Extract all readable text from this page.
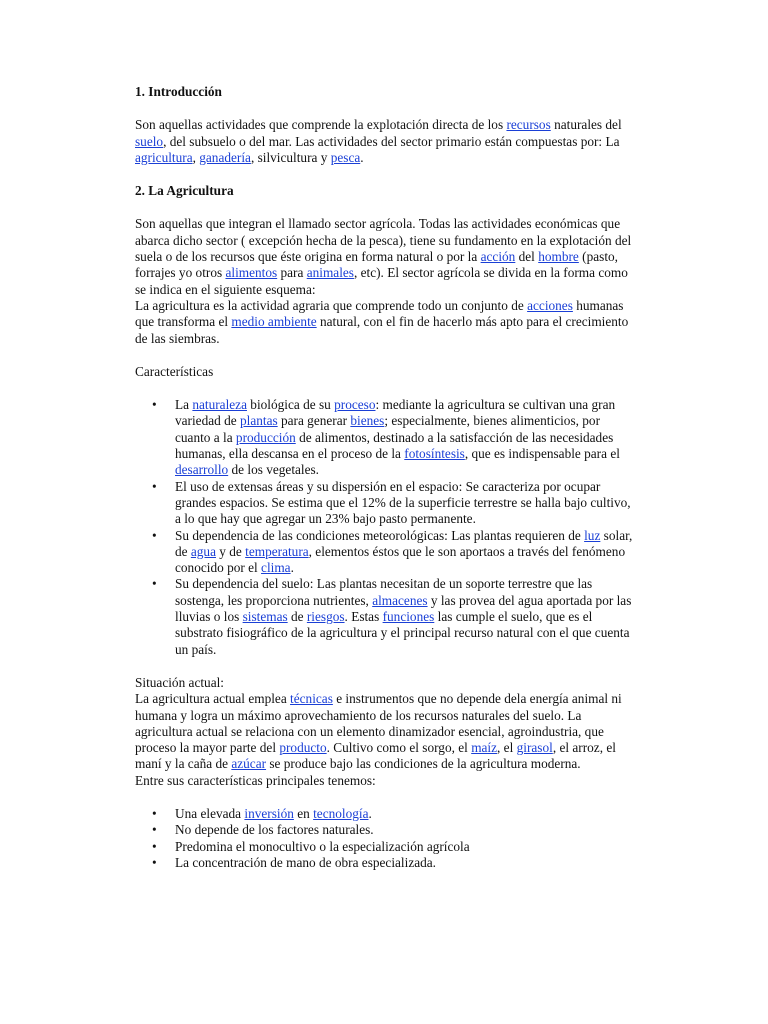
1. Introducción

Son aquellas actividades que comprende la explotación directa de los recursos naturales del suelo, del subsuelo o del mar. Las actividades del sector primario están compuestas por: La agricultura, ganadería, silvicultura y pesca.

2. La Agricultura

Son aquellas que integran el llamado sector agrícola. Todas las actividades económicas que abarca dicho sector ( excepción hecha de la pesca), tiene su fundamento en la explotación del suela o de los recursos que éste origina en forma natural o por la acción del hombre (pasto, forrajes yo otros alimentos para animales, etc). El sector agrícola se divida en la forma como se indica en el siguiente esquema:

La agricultura es la actividad agraria que comprende todo un conjunto de acciones humanas que transforma el medio ambiente natural, con el fin de hacerlo más apto para el crecimiento de las siembras.

Características

• La naturaleza biológica de su proceso: mediante la agricultura se cultivan una gran variedad de plantas para generar bienes; especialmente, bienes alimenticios, por cuanto a la producción de alimentos, destinado a la satisfacción de las necesidades humanas, ella descansa en el proceso de la fotosíntesis, que es indispensable para el desarrollo de los vegetales.
• El uso de extensas áreas y su dispersión en el espacio: Se caracteriza por ocupar grandes espacios. Se estima que el 12% de la superficie terrestre se halla bajo cultivo, a lo que hay que agregar un 23% bajo pasto permanente.
• Su dependencia de las condiciones meteorológicas: Las plantas requieren de luz solar, de agua y de temperatura, elementos éstos que le son aportaos a través del fenómeno conocido por el clima.
• Su dependencia del suelo: Las plantas necesitan de un soporte terrestre que las sostenga, les proporciona nutrientes, almacenes y las provea del agua aportada por las lluvias o los sistemas de riesgos. Estas funciones las cumple el suelo, que es el substrato fisiográfico de la agricultura y el principal recurso natural con el que cuenta un país.

Situación actual:

La agricultura actual emplea técnicas e instrumentos que no depende dela energía animal ni humana y logra un máximo aprovechamiento de los recursos naturales del suelo. La agricultura actual se relaciona con un elemento dinamizador esencial, agroindustria, que proceso la mayor parte del producto. Cultivo como el sorgo, el maíz, el girasol, el arroz, el maní y la caña de azúcar se produce bajo las condiciones de la agricultura moderna.

Entre sus características principales tenemos:

• Una elevada inversión en tecnología.
• No depende de los factores naturales.
• Predomina el monocultivo o la especialización agrícola
• La concentración de mano de obra especializada.
